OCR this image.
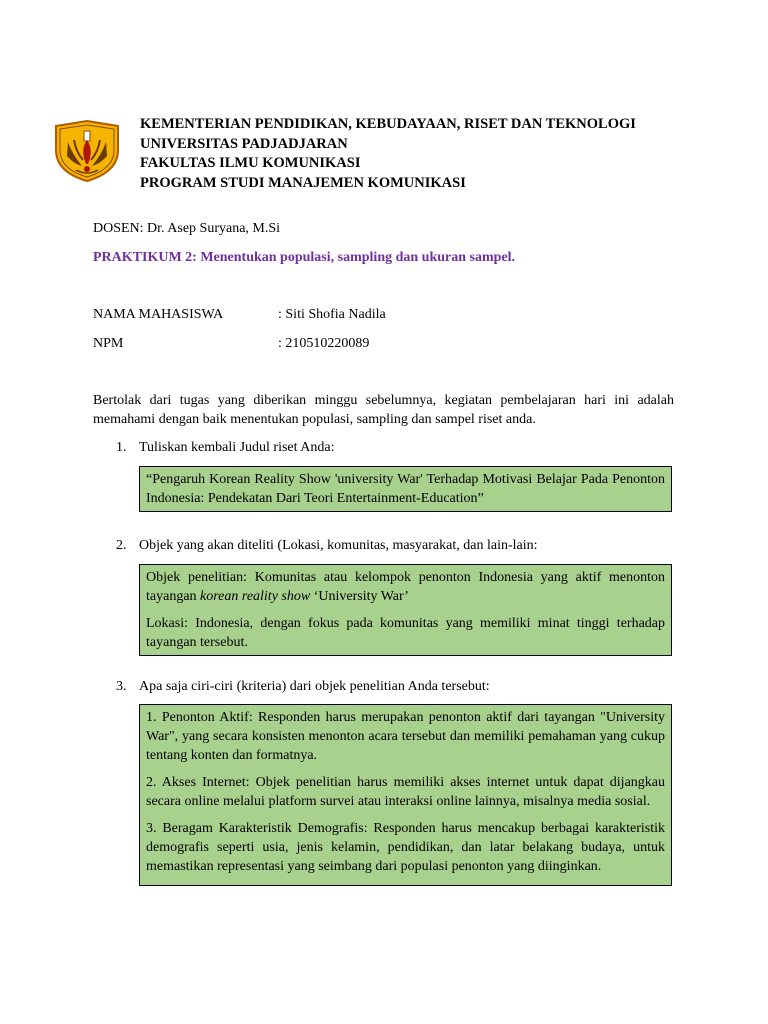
KEMENTERIAN PENDIDIKAN, KEBUDAYAAN, RISET DAN TEKNOLOGI
UNIVERSITAS PADJADJARAN
FAKULTAS ILMU KOMUNIKASI
PROGRAM STUDI MANAJEMEN KOMUNIKASI
DOSEN: Dr. Asep Suryana, M.Si
PRAKTIKUM 2: Menentukan populasi, sampling dan ukuran sampel.
NAMA MAHASISWA	: Siti Shofia Nadila
NPM	: 210510220089
Bertolak dari tugas yang diberikan minggu sebelumnya, kegiatan pembelajaran hari ini adalah memahami dengan baik menentukan populasi, sampling dan sampel riset anda.
1. Tuliskan kembali Judul riset Anda:

“Pengaruh Korean Reality Show 'university War' Terhadap Motivasi Belajar Pada Penonton Indonesia: Pendekatan Dari Teori Entertainment-Education”

2. Objek yang akan diteliti (Lokasi, komunitas, masyarakat, dan lain-lain:

Objek penelitian: Komunitas atau kelompok penonton Indonesia yang aktif menonton tayangan korean reality show ‘University War’

Lokasi: Indonesia, dengan fokus pada komunitas yang memiliki minat tinggi terhadap tayangan tersebut.

3. Apa saja ciri-ciri (kriteria) dari objek penelitian Anda tersebut:

1. Penonton Aktif: Responden harus merupakan penonton aktif dari tayangan "University War", yang secara konsisten menonton acara tersebut dan memiliki pemahaman yang cukup tentang konten dan formatnya.

2. Akses Internet: Objek penelitian harus memiliki akses internet untuk dapat dijangkau secara online melalui platform survei atau interaksi online lainnya, misalnya media sosial.

3. Beragam Karakteristik Demografis: Responden harus mencakup berbagai karakteristik demografis seperti usia, jenis kelamin, pendidikan, dan latar belakang budaya, untuk memastikan representasi yang seimbang dari populasi penonton yang diinginkan.
